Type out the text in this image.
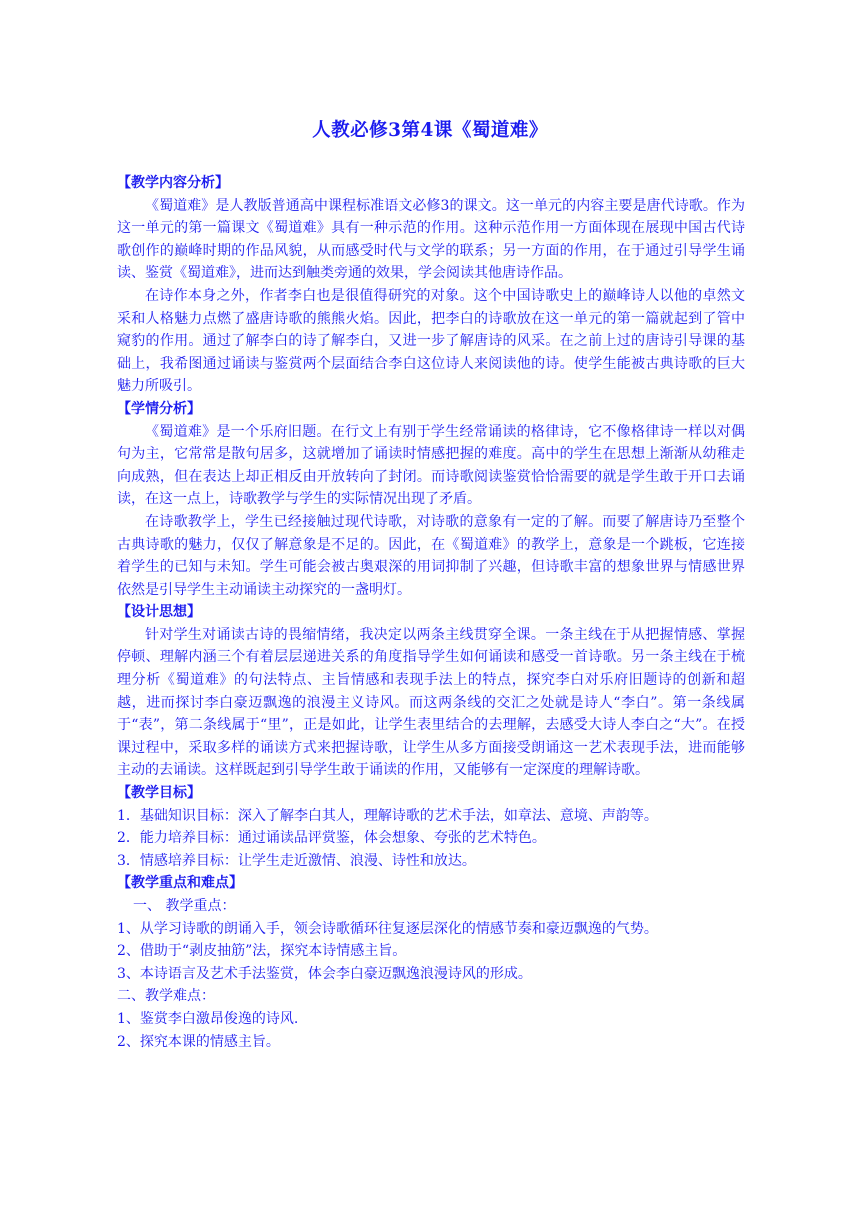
人教必修3第4课《蜀道难》
【教学内容分析】

《蜀道难》是人教版普通高中课程标准语文必修3的课文。这一单元的内容主要是唐代诗歌。作为这一单元的第一篇课文《蜀道难》具有一种示范的作用。这种示范作用一方面体现在展现中国古代诗歌创作的巅峰时期的作品风貌，从而感受时代与文学的联系；另一方面的作用，在于通过引导学生诵读、鉴赏《蜀道难》，进而达到触类旁通的效果，学会阅读其他唐诗作品。

在诗作本身之外，作者李白也是很值得研究的对象。这个中国诗歌史上的巅峰诗人以他的卓然文采和人格魅力点燃了盛唐诗歌的熊熊火焰。因此，把李白的诗歌放在这一单元的第一篇就起到了管中窥豹的作用。通过了解李白的诗了解李白，又进一步了解唐诗的风采。在之前上过的唐诗引导课的基础上，我希图通过诵读与鉴赏两个层面结合李白这位诗人来阅读他的诗。使学生能被古典诗歌的巨大魅力所吸引。

【学情分析】

《蜀道难》是一个乐府旧题。在行文上有别于学生经常诵读的格律诗，它不像格律诗一样以对偶句为主，它常常是散句居多，这就增加了诵读时情感把握的难度。高中的学生在思想上渐渐从幼稚走向成熟，但在表达上却正相反由开放转向了封闭。而诗歌阅读鉴赏恰恰需要的就是学生敢于开口去诵读，在这一点上，诗歌教学与学生的实际情况出现了矛盾。

在诗歌教学上，学生已经接触过现代诗歌，对诗歌的意象有一定的了解。而要了解唐诗乃至整个古典诗歌的魅力，仅仅了解意象是不足的。因此，在《蜀道难》的教学上，意象是一个跳板，它连接着学生的已知与未知。学生可能会被古奥艰深的用词抑制了兴趣，但诗歌丰富的想象世界与情感世界依然是引导学生主动诵读主动探究的一盏明灯。

【设计思想】

针对学生对诵读古诗的畏缩情绪，我决定以两条主线贯穿全课。一条主线在于从把握情感、掌握停顿、理解内涵三个有着层层递进关系的角度指导学生如何诵读和感受一首诗歌。另一条主线在于梳理分析《蜀道难》的句法特点、主旨情感和表现手法上的特点，探究李白对乐府旧题诗的创新和超越，进而探讨李白豪迈飘逸的浪漫主义诗风。而这两条线的交汇之处就是诗人“李白”。第一条线属于“表”，第二条线属于“里”，正是如此，让学生表里结合的去理解，去感受大诗人李白之“大”。在授课过程中，采取多样的诵读方式来把握诗歌，让学生从多方面接受朗诵这一艺术表现手法，进而能够主动的去诵读。这样既起到引导学生敢于诵读的作用，又能够有一定深度的理解诗歌。

【教学目标】
1．基础知识目标：深入了解李白其人，理解诗歌的艺术手法，如章法、意境、声韵等。
2．能力培养目标：通过诵读品评赏鉴，体会想象、夸张的艺术特色。
3．情感培养目标：让学生走近激情、浪漫、诗性和放达。
【教学重点和难点】
　一、 教学重点：
1、从学习诗歌的朗诵入手，领会诗歌循环往复逐层深化的情感节奏和豪迈飘逸的气势。
2、借助于“剥皮抽筋”法，探究本诗情感主旨。
3、本诗语言及艺术手法鉴赏，体会李白豪迈飘逸浪漫诗风的形成。
二、教学难点：
1、鉴赏李白激昂俊逸的诗风.
2、探究本课的情感主旨。
